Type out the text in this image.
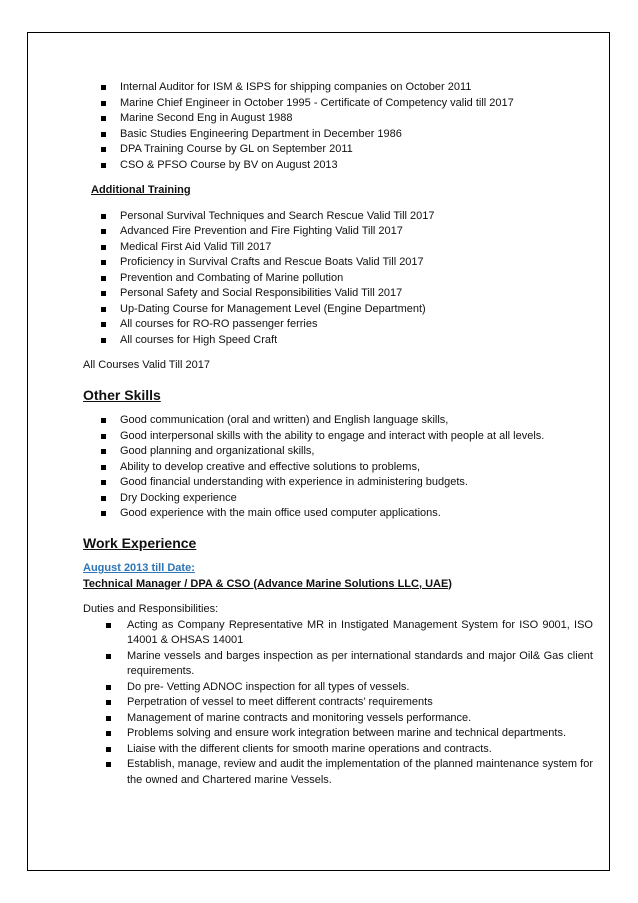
Internal Auditor for ISM & ISPS for shipping companies on October 2011
Marine Chief Engineer in October 1995 - Certificate of Competency valid till 2017
Marine Second Eng in August 1988
Basic Studies Engineering Department in December 1986
DPA Training Course by GL on September 2011
CSO & PFSO Course by BV on August 2013
Additional Training
Personal Survival Techniques and Search Rescue Valid Till 2017
Advanced Fire Prevention and Fire Fighting Valid Till 2017
Medical First Aid Valid Till 2017
Proficiency in Survival Crafts and Rescue Boats Valid Till 2017
Prevention and Combating of Marine pollution
Personal Safety and Social Responsibilities Valid Till 2017
Up-Dating Course for Management Level (Engine Department)
All courses for RO-RO passenger ferries
All courses for High Speed Craft

All Courses Valid Till 2017

Other Skills
Good communication (oral and written) and English language skills,
Good interpersonal skills with the ability to engage and interact with people at all levels.
Good planning and organizational skills,
Ability to develop creative and effective solutions to problems,
Good financial understanding with experience in administering budgets.
Dry Docking experience
Good experience with the main office used computer applications.
Work Experience
August 2013 till Date:
Technical Manager / DPA & CSO (Advance Marine Solutions LLC, UAE)

Duties and Responsibilities:

Acting as Company Representative MR in Instigated Management System for ISO 9001, ISO 14001 & OHSAS 14001
Marine vessels and barges inspection as per international standards and major Oil& Gas client requirements.
Do pre- Vetting ADNOC inspection for all types of vessels.
Perpetration of vessel to meet different contracts’ requirements
Management of marine contracts and monitoring vessels performance.
Problems solving and ensure work integration between marine and technical departments.
Liaise with the different clients for smooth marine operations and contracts.
Establish, manage, review and audit the implementation of the planned maintenance system for the owned and Chartered marine Vessels.
